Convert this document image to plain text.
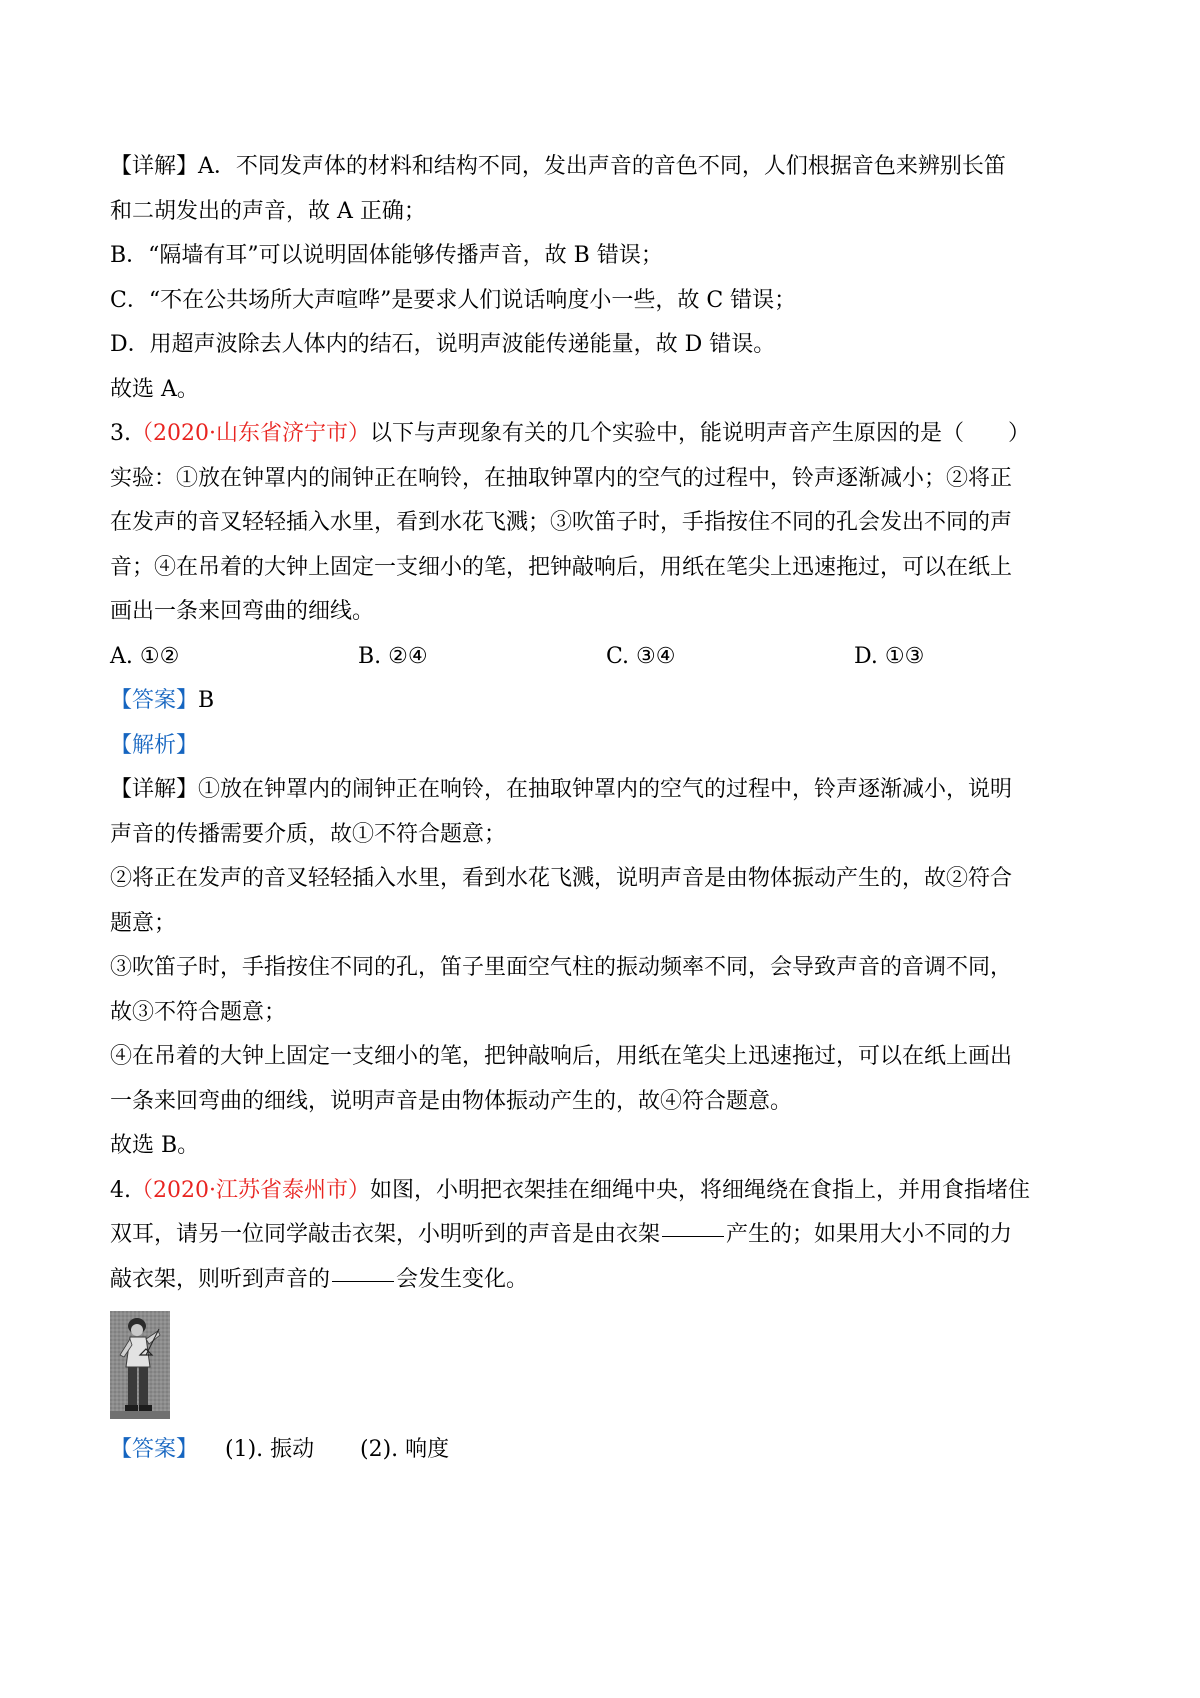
【详解】A．不同发声体的材料和结构不同，发出声音的音色不同，人们根据音色来辨别长笛
和二胡发出的声音，故 A 正确；
B．“隔墙有耳”可以说明固体能够传播声音，故 B 错误；
C．“不在公共场所大声喧哗”是要求人们说话响度小一些，故 C 错误；
D．用超声波除去人体内的结石，说明声波能传递能量，故 D 错误。
故选 A。
3.（2020·山东省济宁市）以下与声现象有关的几个实验中，能说明声音产生原因的是（　　）
实验：①放在钟罩内的闹钟正在响铃，在抽取钟罩内的空气的过程中，铃声逐渐减小；②将正
在发声的音叉轻轻插入水里，看到水花飞溅；③吹笛子时，手指按住不同的孔会发出不同的声
音；④在吊着的大钟上固定一支细小的笔，把钟敲响后，用纸在笔尖上迅速拖过，可以在纸上
画出一条来回弯曲的细线。
A. ①②	B. ②④	C. ③④	D. ①③
【答案】B
【解析】
【详解】①放在钟罩内的闹钟正在响铃，在抽取钟罩内的空气的过程中，铃声逐渐减小，说明
声音的传播需要介质，故①不符合题意；
②将正在发声的音叉轻轻插入水里，看到水花飞溅，说明声音是由物体振动产生的，故②符合
题意；
③吹笛子时，手指按住不同的孔，笛子里面空气柱的振动频率不同，会导致声音的音调不同，
故③不符合题意；
④在吊着的大钟上固定一支细小的笔，把钟敲响后，用纸在笔尖上迅速拖过，可以在纸上画出
一条来回弯曲的细线，说明声音是由物体振动产生的，故④符合题意。
故选 B。
4.（2020·江苏省泰州市）如图，小明把衣架挂在细绳中央，将细绳绕在食指上，并用食指堵住
双耳，请另一位同学敲击衣架，小明听到的声音是由衣架	产生的；如果用大小不同的力
敲衣架，则听到声音的	会发生变化。
【答案】	(1). 振动	(2). 响度
